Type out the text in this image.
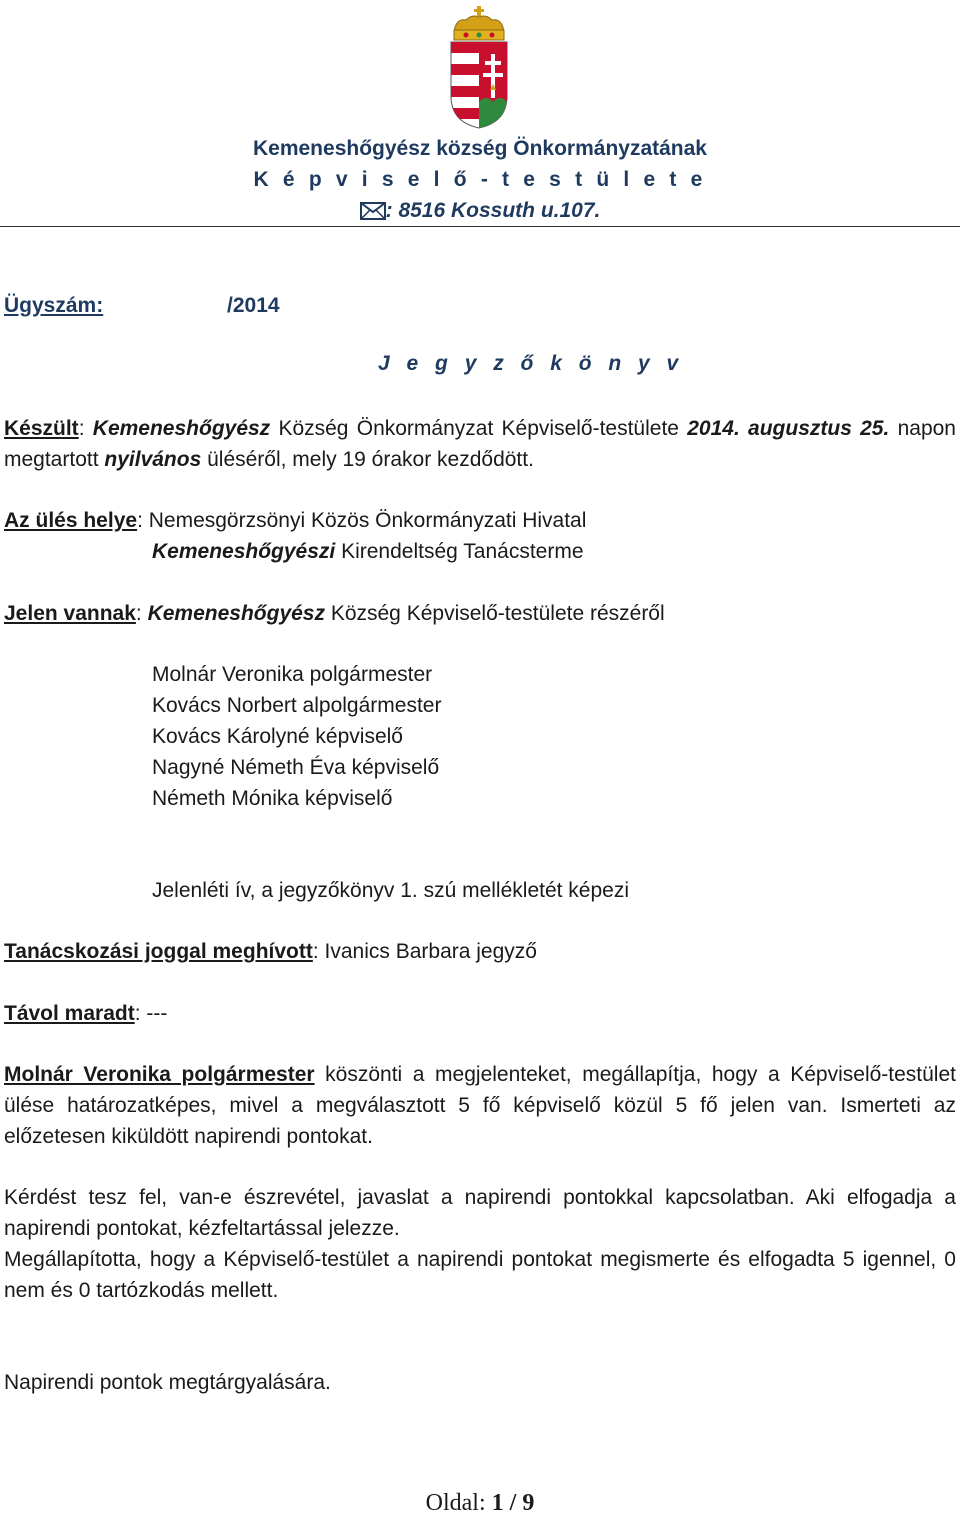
Kemeneshőgyész község Önkormányzatának
K é p v i s e l ő - t e s t ü l e t e
: 8516 Kossuth u.107.
Ügyszám:	/2014
J e g y z ő k ö n y v
Készült: Kemeneshőgyész Község Önkormányzat Képviselő-testülete 2014. augusztus 25. napon megtartott nyilvános üléséről, mely 19 órakor kezdődött.
Az ülés helye: Nemesgörzsönyi Közös Önkormányzati Hivatal
Kemeneshőgyészi Kirendeltség Tanácsterme
Jelen vannak: Kemeneshőgyész Község Képviselő-testülete részéről
Molnár Veronika polgármester
Kovács Norbert alpolgármester
Kovács Károlyné képviselő
Nagyné Németh Éva képviselő
Németh Mónika képviselő
Jelenléti ív, a jegyzőkönyv 1. szú mellékletét képezi
Tanácskozási joggal meghívott: Ivanics Barbara jegyző
Távol maradt: ---
Molnár Veronika polgármester köszönti a megjelenteket, megállapítja, hogy a Képviselő-testület ülése határozatképes, mivel a megválasztott 5 fő képviselő közül 5 fő jelen van. Ismerteti az előzetesen kiküldött napirendi pontokat.
Kérdést tesz fel, van-e észrevétel, javaslat a napirendi pontokkal kapcsolatban. Aki elfogadja a napirendi pontokat, kézfeltartással jelezze.
Megállapította, hogy a Képviselő-testület a napirendi pontokat megismerte és elfogadta 5 igennel, 0 nem és 0 tartózkodás mellett.
Napirendi pontok megtárgyalására.
Oldal: 1 / 9
